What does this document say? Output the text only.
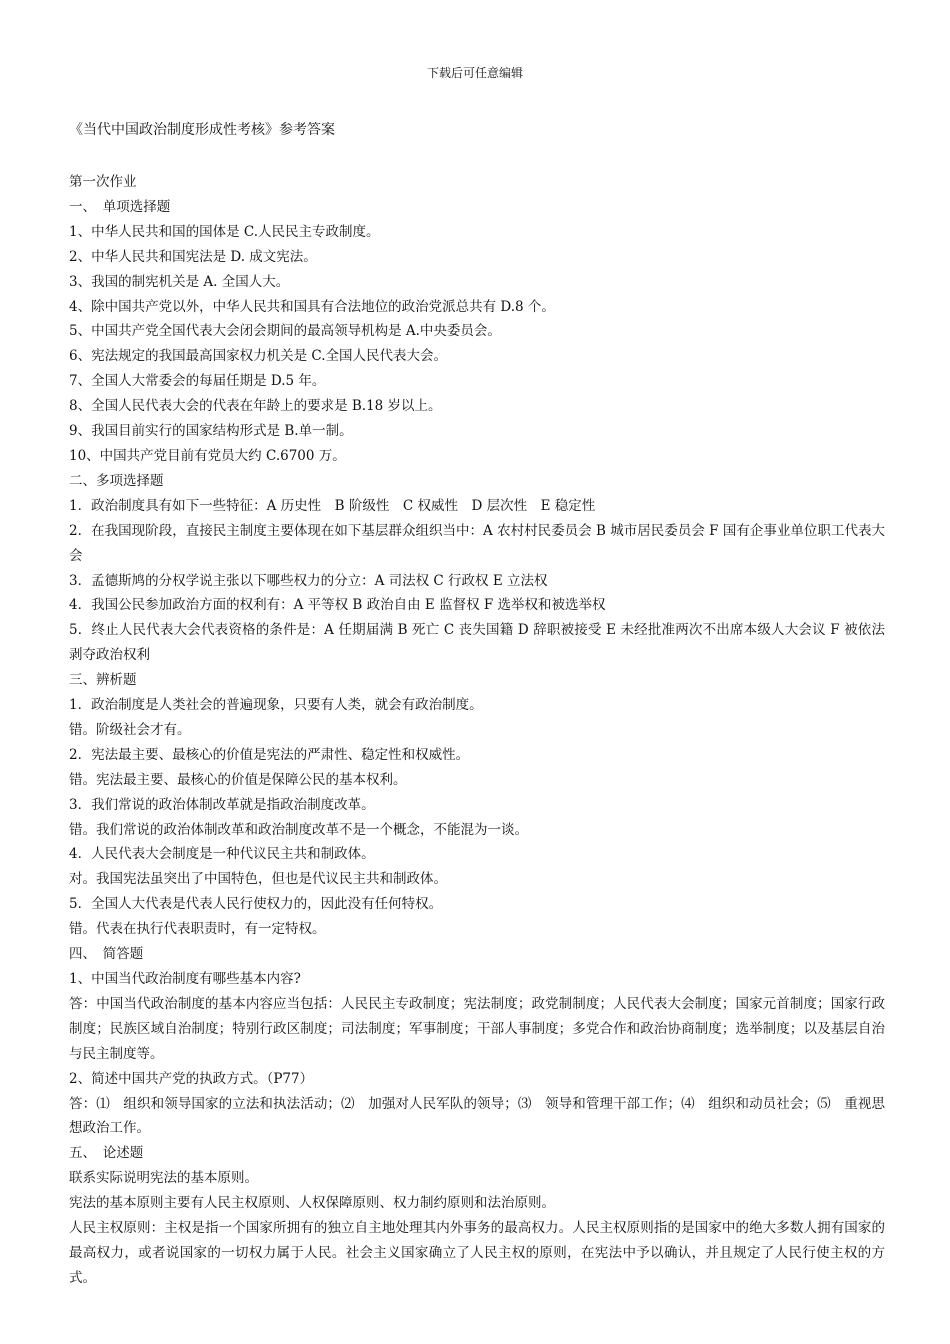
下载后可任意编辑
《当代中国政治制度形成性考核》参考答案
第一次作业
一、　单项选择题
1、中华人民共和国的国体是 C.人民民主专政制度。
2、中华人民共和国宪法是 D. 成文宪法。
3、我国的制宪机关是 A. 全国人大。
4、除中国共产党以外，中华人民共和国具有合法地位的政治党派总共有 D.8 个。
5、中国共产党全国代表大会闭会期间的最高领导机构是 A.中央委员会。
6、宪法规定的我国最高国家权力机关是 C.全国人民代表大会。
7、全国人大常委会的每届任期是 D.5 年。
8、全国人民代表大会的代表在年龄上的要求是 B.18 岁以上。
9、我国目前实行的国家结构形式是 B.单一制。
10、中国共产党目前有党员大约 C.6700 万。
二、多项选择题
1．政治制度具有如下一些特征：A 历史性　B 阶级性　C 权威性　D 层次性　E 稳定性
2．在我国现阶段，直接民主制度主要体现在如下基层群众组织当中：A 农村村民委员会 B 城市居民委员会 F 国有企事业单位职工代表大会
3．孟德斯鸠的分权学说主张以下哪些权力的分立：A 司法权 C 行政权 E 立法权
4．我国公民参加政治方面的权利有：A 平等权 B 政治自由 E 监督权 F 选举权和被选举权
5．终止人民代表大会代表资格的条件是：A 任期届满 B 死亡 C 丧失国籍 D 辞职被接受 E 未经批准两次不出席本级人大会议 F 被依法剥夺政治权利
三、辨析题
1．政治制度是人类社会的普遍现象，只要有人类，就会有政治制度。
错。阶级社会才有。
2．宪法最主要、最核心的价值是宪法的严肃性、稳定性和权威性。
错。宪法最主要、最核心的价值是保障公民的基本权利。
3．我们常说的政治体制改革就是指政治制度改革。
错。我们常说的政治体制改革和政治制度改革不是一个概念，不能混为一谈。
4．人民代表大会制度是一种代议民主共和制政体。
对。我国宪法虽突出了中国特色，但也是代议民主共和制政体。
5．全国人大代表是代表人民行使权力的，因此没有任何特权。
错。代表在执行代表职责时，有一定特权。
四、　简答题
1、中国当代政治制度有哪些基本内容?
答：中国当代政治制度的基本内容应当包括：人民民主专政制度；宪法制度；政党制制度；人民代表大会制度；国家元首制度；国家行政制度；民族区域自治制度；特别行政区制度；司法制度；军事制度；干部人事制度；多党合作和政治协商制度；选举制度；以及基层自治与民主制度等。
2、简述中国共产党的执政方式。（P77）
答：⑴　组织和领导国家的立法和执法活动；⑵　加强对人民军队的领导；⑶　领导和管理干部工作；⑷　组织和动员社会；⑸　重视思想政治工作。
五、　论述题
联系实际说明宪法的基本原则。
宪法的基本原则主要有人民主权原则、人权保障原则、权力制约原则和法治原则。
人民主权原则：主权是指一个国家所拥有的独立自主地处理其内外事务的最高权力。人民主权原则指的是国家中的绝大多数人拥有国家的最高权力，或者说国家的一切权力属于人民。社会主义国家确立了人民主权的原则，在宪法中予以确认，并且规定了人民行使主权的方式。
